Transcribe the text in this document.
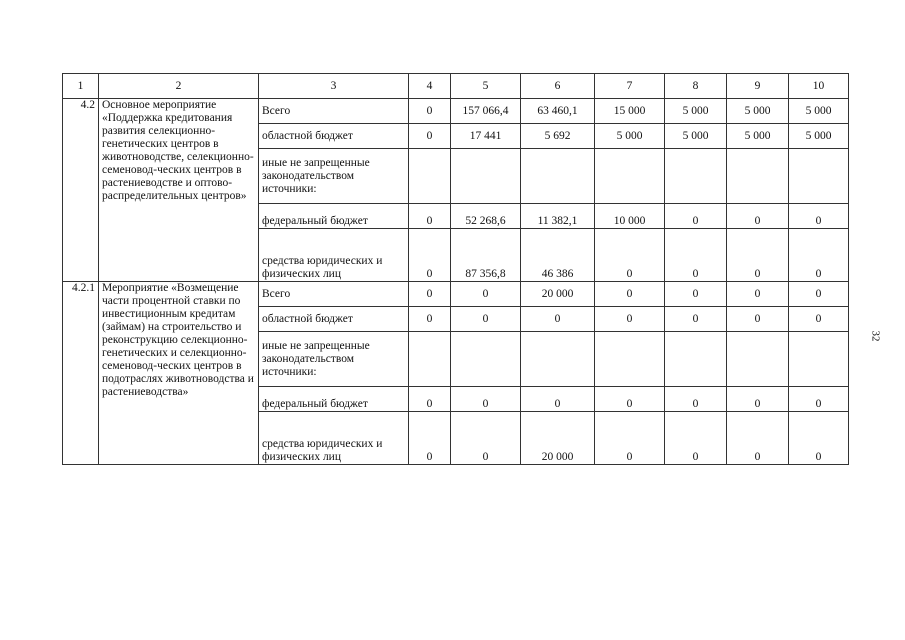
1	2	3	4	5	6	7	8	9	10
4.2	Основное мероприятие «Поддержка кредитования развития селекционно-генетических центров в животноводстве, селекционно-семеновод-ческих центров в растениеводстве и оптово-распределительных центров»	Всего	0	157 066,4	63 460,1	15 000	5 000	5 000	5 000
		областной бюджет	0	17 441	5 692	5 000	5 000	5 000	5 000
		иные не запрещенные законодательством источники:							
		федеральный бюджет	0	52 268,6	11 382,1	10 000	0	0	0
		средства юридических и физических лиц	0	87 356,8	46 386	0	0	0	0
4.2.1	Мероприятие «Возмещение части процентной ставки по инвестиционным кредитам (займам) на строительство и реконструкцию селекционно-генетических и селекционно-семеновод-ческих центров в подотраслях животноводства и растениеводства»	Всего	0	0	20 000	0	0	0	0
		областной бюджет	0	0	0	0	0	0	0
		иные не запрещенные законодательством источники:							
		федеральный бюджет	0	0	0	0	0	0	0
		средства юридических и физических лиц	0	0	20 000	0	0	0	0
32
